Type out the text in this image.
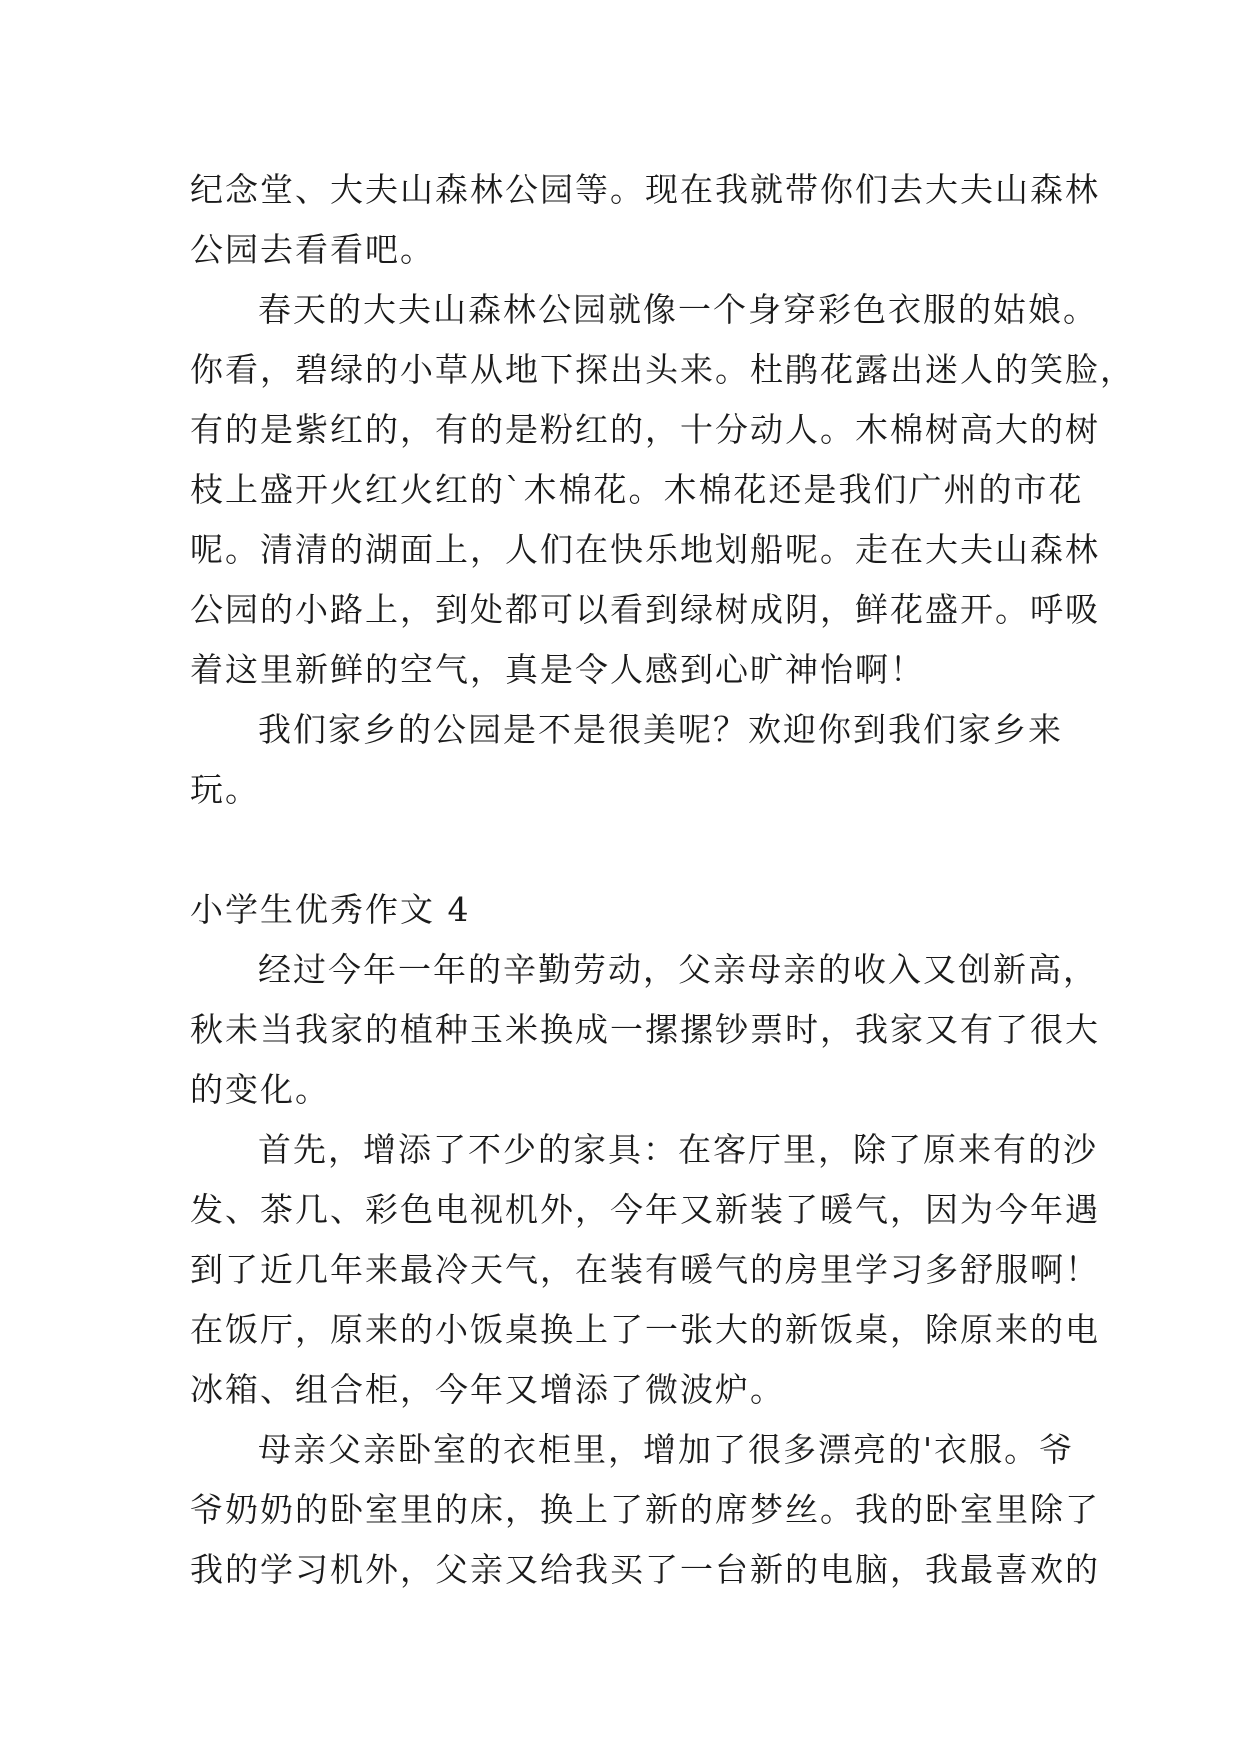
纪念堂、大夫山森林公园等。现在我就带你们去大夫山森林
公园去看看吧。

春天的大夫山森林公园就像一个身穿彩色衣服的姑娘。
你看，碧绿的小草从地下探出头来。杜鹃花露出迷人的笑脸，
有的是紫红的，有的是粉红的，十分动人。木棉树高大的树
枝上盛开火红火红的`木棉花。木棉花还是我们广州的市花
呢。清清的湖面上，人们在快乐地划船呢。走在大夫山森林
公园的小路上，到处都可以看到绿树成阴，鲜花盛开。呼吸
着这里新鲜的空气，真是令人感到心旷神怡啊！

我们家乡的公园是不是很美呢？欢迎你到我们家乡来
玩。

小学生优秀作文 4

经过今年一年的辛勤劳动，父亲母亲的收入又创新高，
秋未当我家的植种玉米换成一摞摞钞票时，我家又有了很大
的变化。

首先，增添了不少的家具：在客厅里，除了原来有的沙
发、茶几、彩色电视机外，今年又新装了暖气，因为今年遇
到了近几年来最冷天气，在装有暖气的房里学习多舒服啊！
在饭厅，原来的小饭桌换上了一张大的新饭桌，除原来的电
冰箱、组合柜，今年又增添了微波炉。

母亲父亲卧室的衣柜里，增加了很多漂亮的'衣服。爷
爷奶奶的卧室里的床，换上了新的席梦丝。我的卧室里除了
我的学习机外，父亲又给我买了一台新的电脑，我最喜欢的
